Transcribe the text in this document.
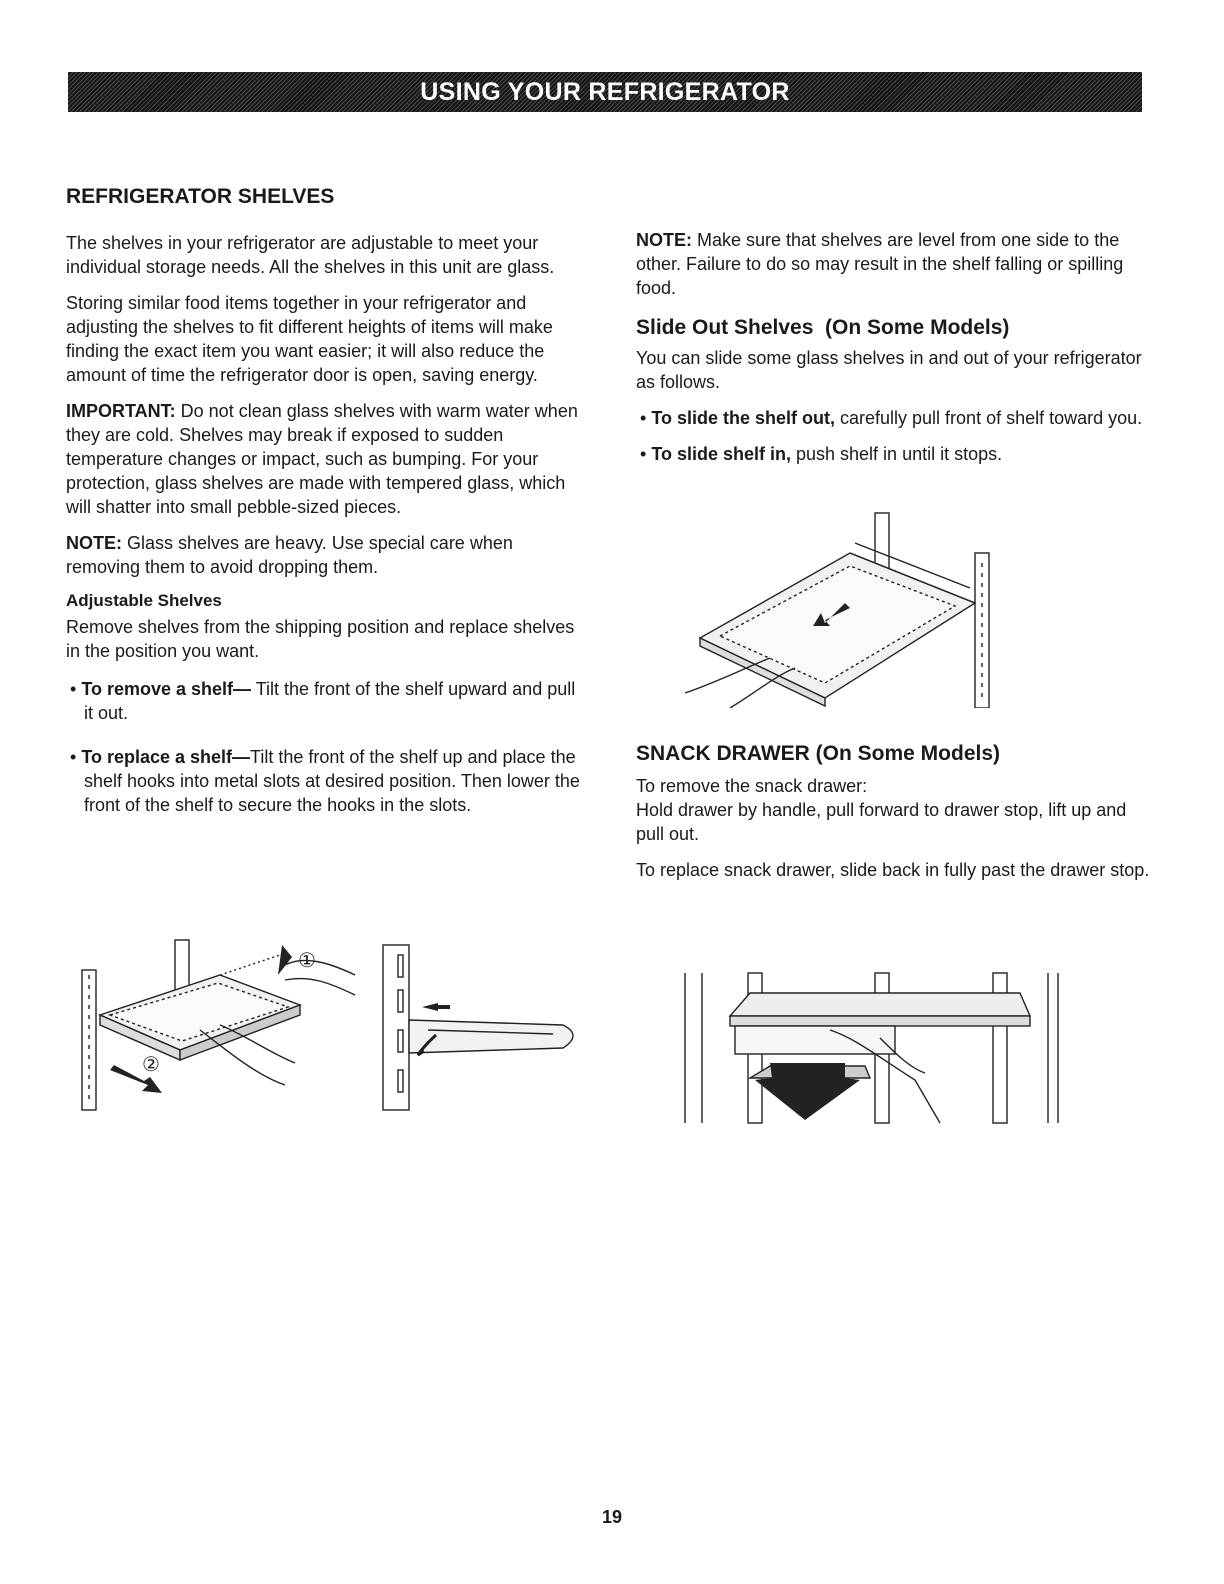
USING YOUR REFRIGERATOR
REFRIGERATOR SHELVES

The shelves in your refrigerator are adjustable to meet your individual storage needs. All the shelves in this unit are glass.

Storing similar food items together in your refrigerator and adjusting the shelves to fit different heights of items will make finding the exact item you want easier; it will also reduce the amount of time the refrigerator door is open, saving energy.

IMPORTANT: Do not clean glass shelves with warm water when they are cold. Shelves may break if exposed to sudden temperature changes or impact, such as bumping. For your protection, glass shelves are made with tempered glass, which will shatter into small pebble-sized pieces.

NOTE: Glass shelves are heavy. Use special care when removing them to avoid dropping them.

Adjustable Shelves

Remove shelves from the shipping position and replace shelves in the position you want.

• To remove a shelf— Tilt the front of the shelf upward and pull it out.
• To replace a shelf—Tilt the front of the shelf up and place the shelf hooks into metal slots at desired position. Then lower the front of the shelf to secure the hooks in the slots.

NOTE: Make sure that shelves are level from one side to the other. Failure to do so may result in the shelf falling or spilling food.

Slide Out Shelves  (On Some Models)

You can slide some glass shelves in and out of your refrigerator as follows.

• To slide the shelf out, carefully pull front of shelf toward you.
• To slide shelf in, push shelf in until it stops.
SNACK DRAWER (On Some Models)

To remove the snack drawer:

Hold drawer by handle, pull forward to drawer stop, lift up and pull out.

To replace snack drawer, slide back in fully past the drawer stop.

①
②
19
